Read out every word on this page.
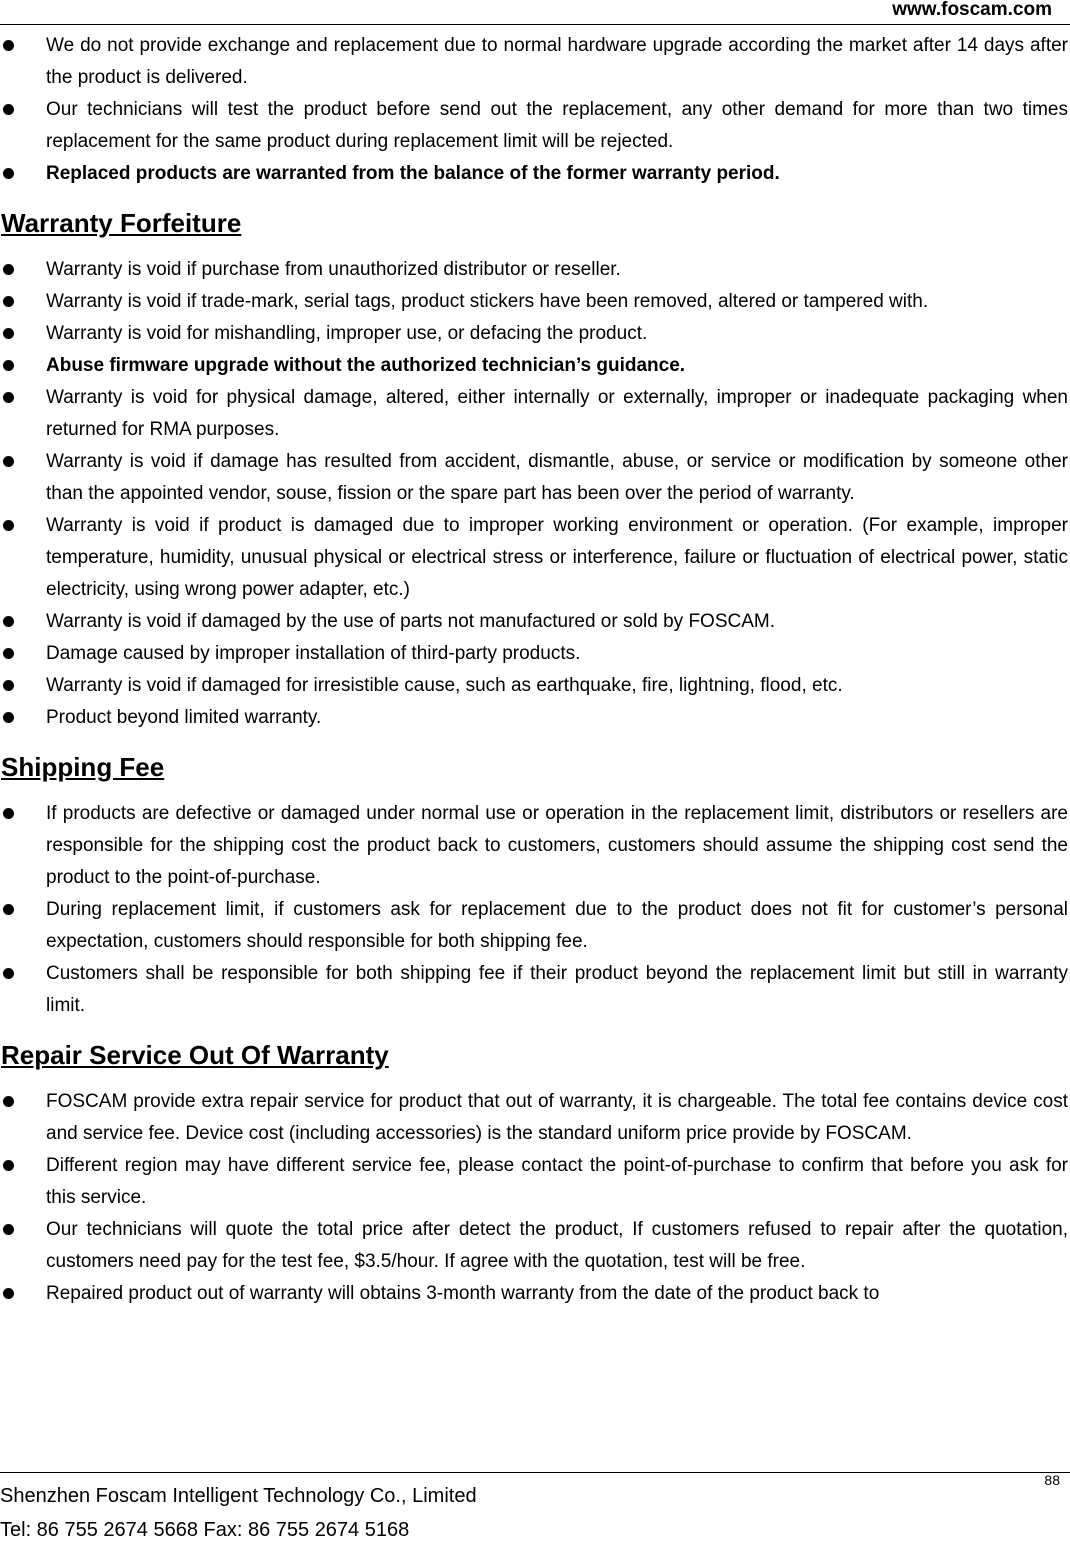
www.foscam.com
We do not provide exchange and replacement due to normal hardware upgrade according the market after 14 days after the product is delivered.
Our technicians will test the product before send out the replacement, any other demand for more than two times replacement for the same product during replacement limit will be rejected.
Replaced products are warranted from the balance of the former warranty period.
Warranty Forfeiture
Warranty is void if purchase from unauthorized distributor or reseller.
Warranty is void if trade-mark, serial tags, product stickers have been removed, altered or tampered with.
Warranty is void for mishandling, improper use, or defacing the product.
Abuse firmware upgrade without the authorized technician’s guidance.
Warranty is void for physical damage, altered, either internally or externally, improper or inadequate packaging when returned for RMA purposes.
Warranty is void if damage has resulted from accident, dismantle, abuse, or service or modification by someone other than the appointed vendor, souse, fission or the spare part has been over the period of warranty.
Warranty is void if product is damaged due to improper working environment or operation. (For example, improper temperature, humidity, unusual physical or electrical stress or interference, failure or fluctuation of electrical power, static electricity, using wrong power adapter, etc.)
Warranty is void if damaged by the use of parts not manufactured or sold by FOSCAM.
Damage caused by improper installation of third-party products.
Warranty is void if damaged for irresistible cause, such as earthquake, fire, lightning, flood, etc.
Product beyond limited warranty.
Shipping Fee
If products are defective or damaged under normal use or operation in the replacement limit, distributors or resellers are responsible for the shipping cost the product back to customers, customers should assume the shipping cost send the product to the point-of-purchase.
During replacement limit, if customers ask for replacement due to the product does not fit for customer’s personal expectation, customers should responsible for both shipping fee.
Customers shall be responsible for both shipping fee if their product beyond the replacement limit but still in warranty limit.
Repair Service Out Of Warranty
FOSCAM provide extra repair service for product that out of warranty, it is chargeable. The total fee contains device cost and service fee. Device cost (including accessories) is the standard uniform price provide by FOSCAM.
Different region may have different service fee, please contact the point-of-purchase to confirm that before you ask for this service.
Our technicians will quote the total price after detect the product, If customers refused to repair after the quotation, customers need pay for the test fee, $3.5/hour. If agree with the quotation, test will be free.
Repaired product out of warranty will obtains 3-month warranty from the date of the product back to
88
Shenzhen Foscam Intelligent Technology Co., Limited
Tel: 86 755 2674 5668 Fax: 86 755 2674 5168
